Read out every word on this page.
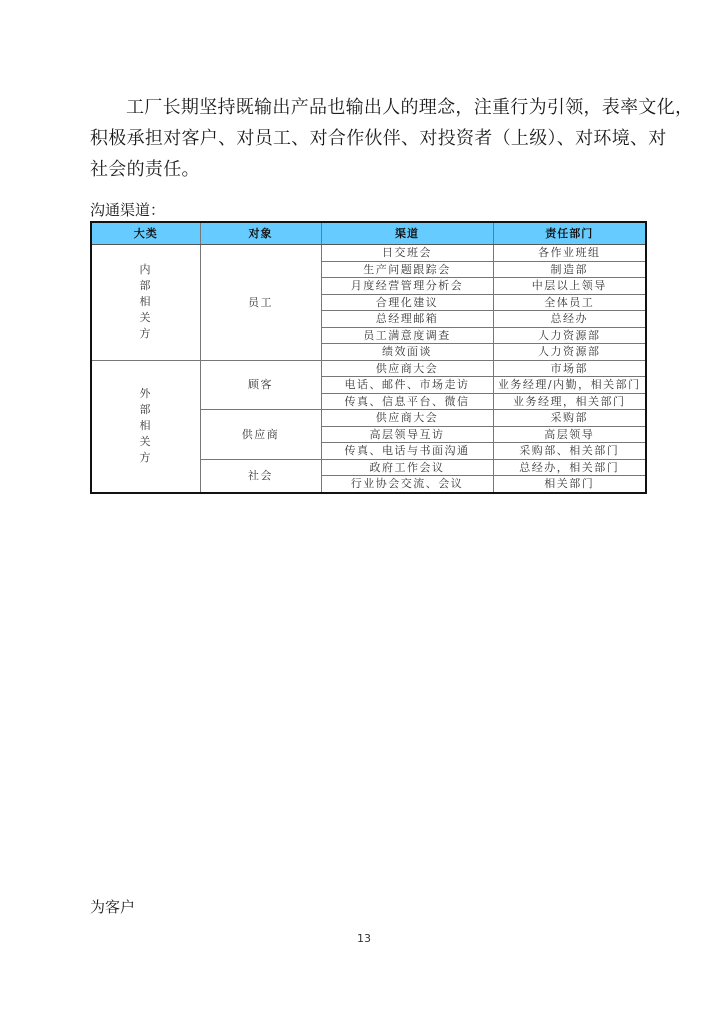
工厂长期坚持既输出产品也输出人的理念，注重行为引领，表率文化，
积极承担对客户、对员工、对合作伙伴、对投资者（上级）、对环境、对
社会的责任。
沟通渠道：
大类	对象	渠道	责任部门

内
部
相
关
方	员工	日交班会	各作业班组
		生产问题跟踪会	制造部
		月度经营管理分析会	中层以上领导
		合理化建议	全体员工
		总经理邮箱	总经办
		员工满意度调查	人力资源部
		绩效面谈	人力资源部

外
部
相
关
方	顾客	供应商大会	市场部
		电话、邮件、市场走访	业务经理/内勤，相关部门
		传真、信息平台、微信	业务经理，相关部门
	供应商	供应商大会	采购部
		高层领导互访	高层领导
		传真、电话与书面沟通	采购部、相关部门
	社会	政府工作会议	总经办，相关部门
		行业协会交流、会议	相关部门
为客户
13
